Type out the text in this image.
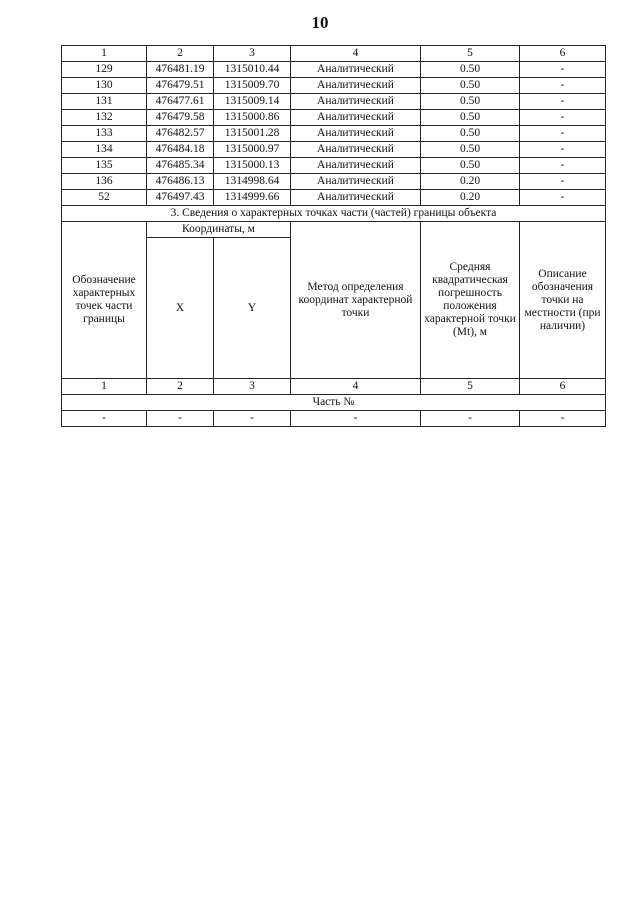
10
1	2	3	4	5	6
129	476481.19	1315010.44	Аналитический	0.50	-
130	476479.51	1315009.70	Аналитический	0.50	-
131	476477.61	1315009.14	Аналитический	0.50	-
132	476479.58	1315000.86	Аналитический	0.50	-
133	476482.57	1315001.28	Аналитический	0.50	-
134	476484.18	1315000.97	Аналитический	0.50	-
135	476485.34	1315000.13	Аналитический	0.50	-
136	476486.13	1314998.64	Аналитический	0.20	-
52	476497.43	1314999.66	Аналитический	0.20	-
3. Сведения о характерных точках части (частей) границы объекта					
Обозначение характерных точек части границы	Координаты, м		Метод определения координат характерной точки	Средняя квадратическая погрешность положения характерной точки (Mt), м	Описание обозначения точки на местности (при наличии)
	X	Y			
1	2	3	4	5	6
Часть №					
-	-	-	-	-	-
